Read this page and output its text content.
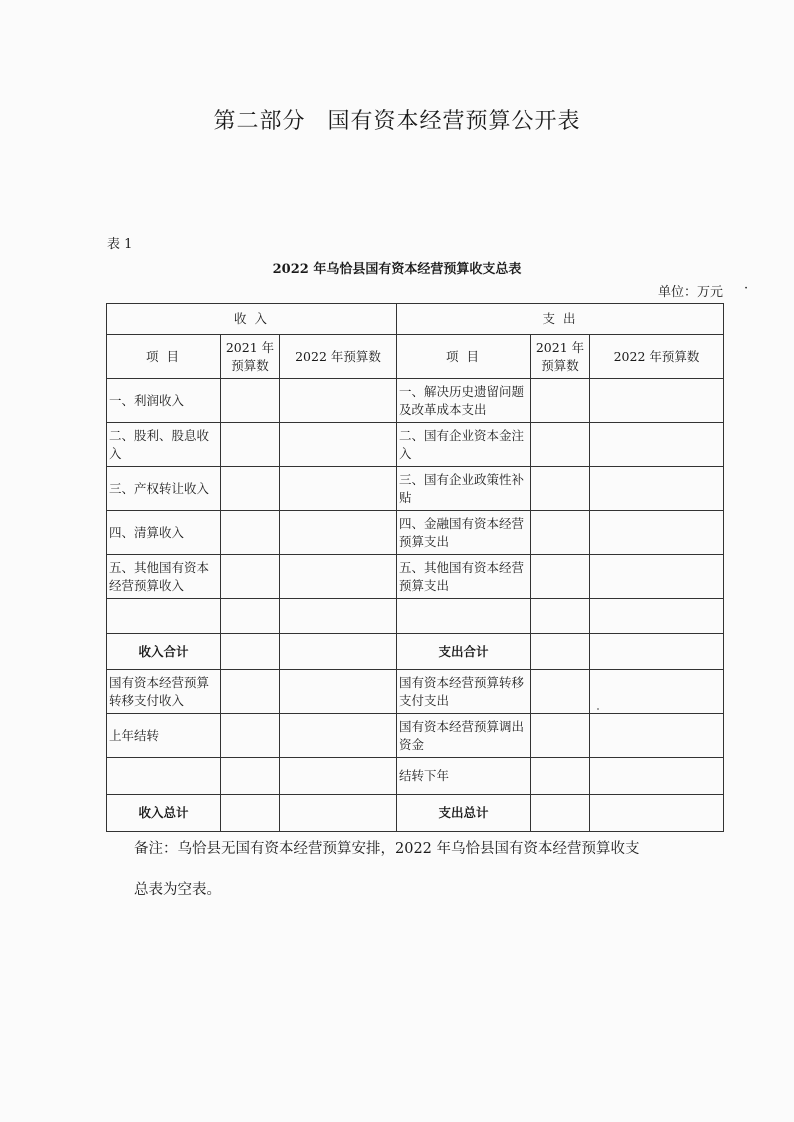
第二部分 国有资本经营预算公开表
表 1
2022 年乌恰县国有资本经营预算收支总表
单位：万元 ·
收 入			支 出		
项 目	2021 年预算数	2022 年预算数	项 目	2021 年预算数	2022 年预算数
一、利润收入			一、解决历史遗留问题及改革成本支出		
二、股利、股息收入			二、国有企业资本金注入		
三、产权转让收入			三、国有企业政策性补贴		
四、清算收入			四、金融国有资本经营预算支出		
五、其他国有资本经营预算收入			五、其他国有资本经营预算支出		

收入合计			支出合计		
国有资本经营预算转移支付收入			国有资本经营预算转移支付支出		
上年结转			国有资本经营预算调出资金		
			结转下年		
收入总计			支出总计		
备注：乌恰县无国有资本经营预算安排，2022 年乌恰县国有资本经营预算收支
总表为空表。
